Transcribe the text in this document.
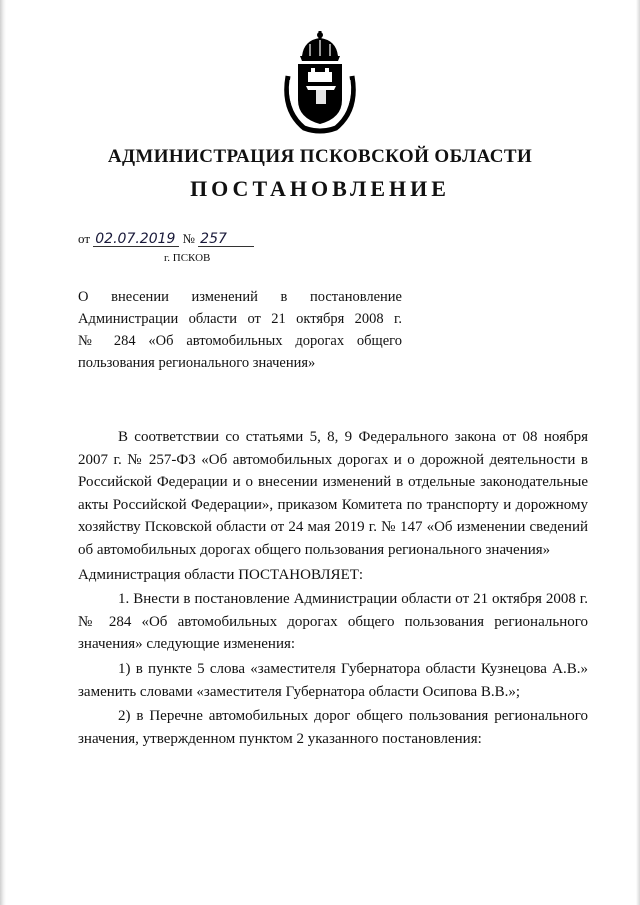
АДМИНИСТРАЦИЯ ПСКОВСКОЙ ОБЛАСТИ
ПОСТАНОВЛЕНИЕ
от 02.07.2019 № 257
г. ПСКОВ

О внесении изменений в постановление

Администрации области от 21 октября 2008 г.

№ 284 «Об автомобильных дорогах общего

пользования регионального значения»

В соответствии со статьями 5, 8, 9 Федерального закона от 08 ноября 2007 г. № 257-ФЗ «Об автомобильных дорогах и о дорожной деятельности в Российской Федерации и о внесении изменений в отдельные законодательные акты Российской Федерации», приказом Комитета по транспорту и дорожному хозяйству Псковской области от 24 мая 2019 г. № 147 «Об изменении сведений об автомобильных дорогах общего пользования регионального значения»

Администрация области ПОСТАНОВЛЯЕТ:

1. Внести в постановление Администрации области от 21 октября 2008 г. № 284 «Об автомобильных дорогах общего пользования регионального значения» следующие изменения:

1) в пункте 5 слова «заместителя Губернатора области Кузнецова А.В.» заменить словами «заместителя Губернатора области Осипова В.В.»;

2) в Перечне автомобильных дорог общего пользования регионального значения, утвержденном пунктом 2 указанного постановления:
